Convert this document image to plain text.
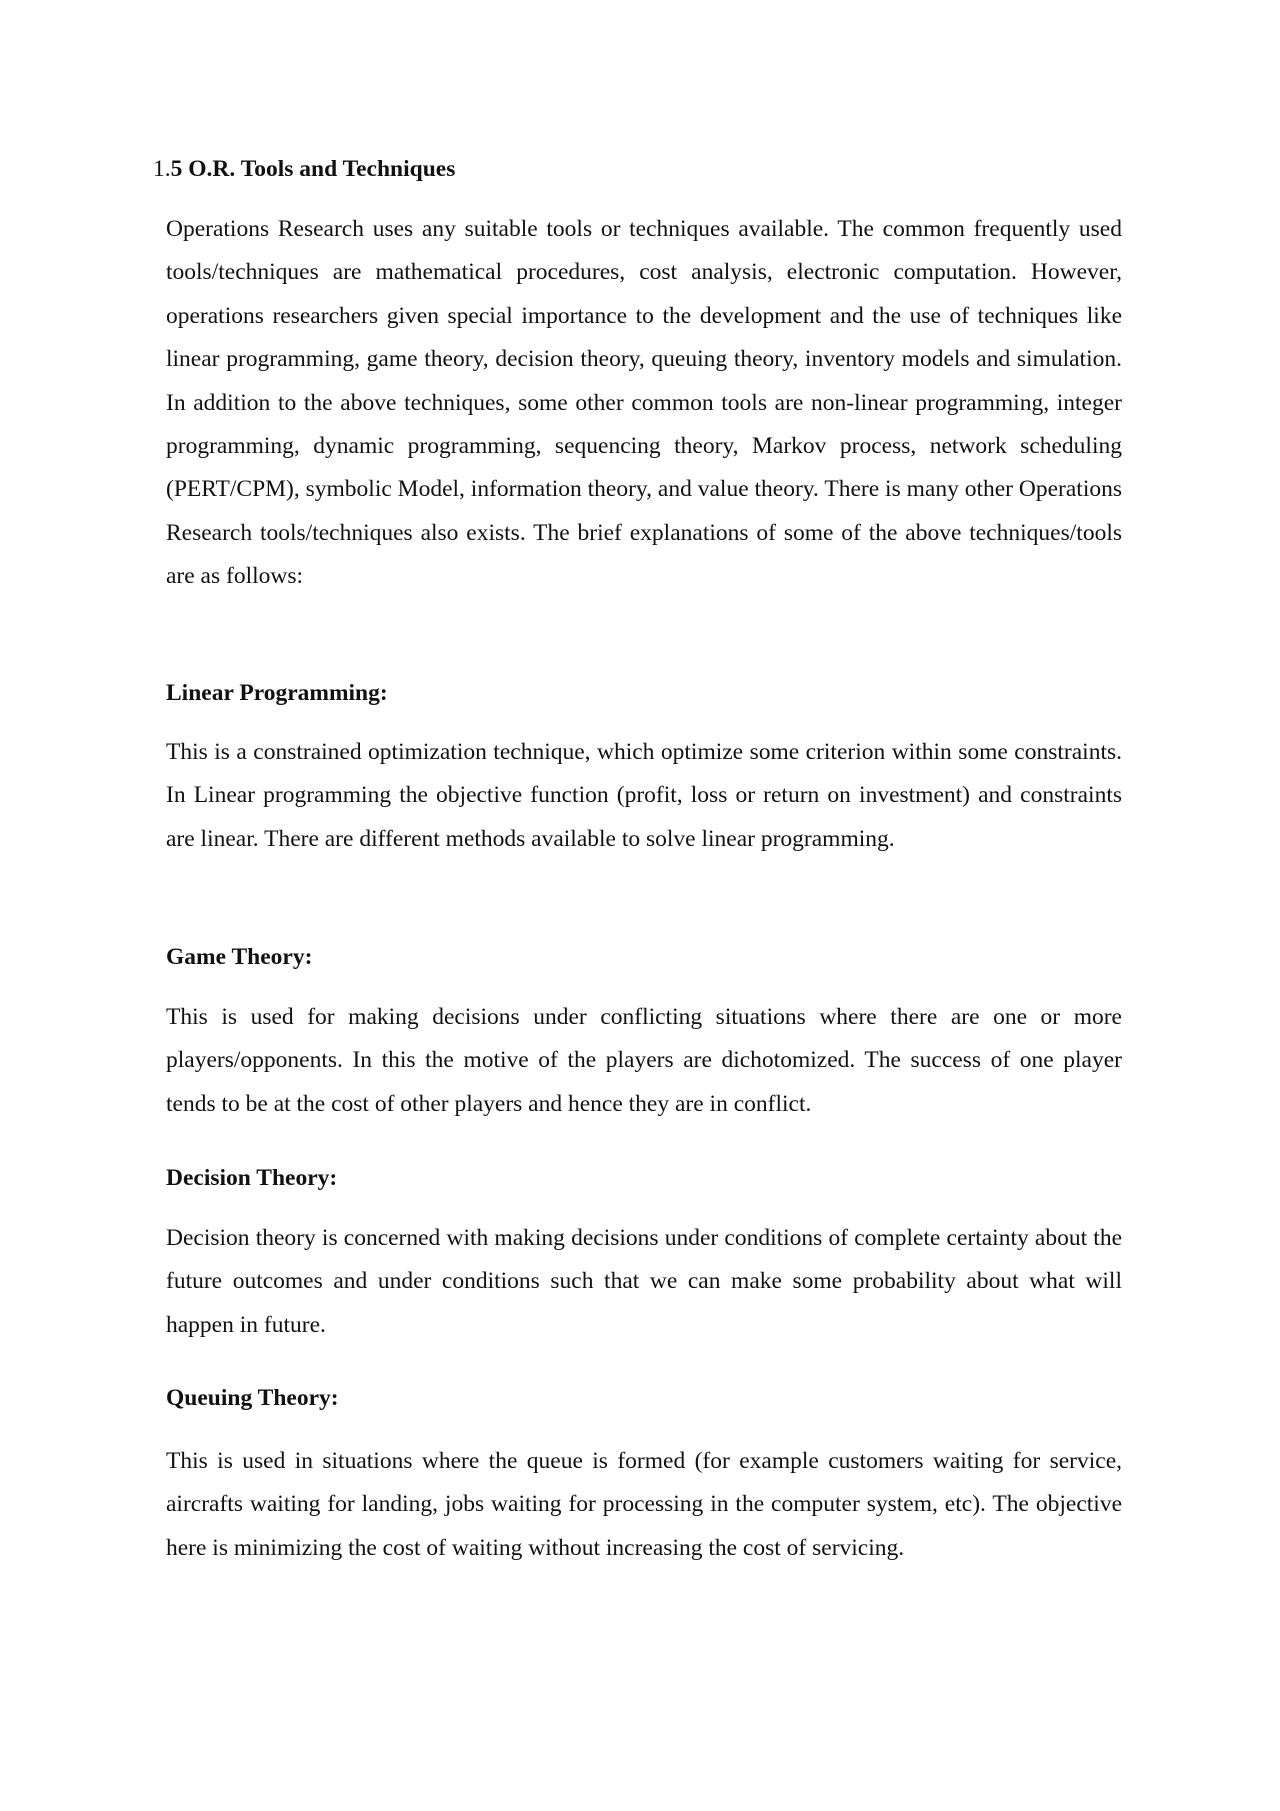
1.5 O.R. Tools and Techniques

Operations Research uses any suitable tools or techniques available. The common frequently used tools/techniques are mathematical procedures, cost analysis, electronic computation. However, operations researchers given special importance to the development and the use of techniques like linear programming, game theory, decision theory, queuing theory, inventory models and simulation. In addition to the above techniques, some other common tools are non-linear programming, integer programming, dynamic programming, sequencing theory, Markov process, network scheduling (PERT/CPM), symbolic Model, information theory, and value theory. There is many other Operations Research tools/techniques also exists. The brief explanations of some of the above techniques/tools are as follows:

Linear Programming:

This is a constrained optimization technique, which optimize some criterion within some constraints. In Linear programming the objective function (profit, loss or return on investment) and constraints are linear. There are different methods available to solve linear programming.

Game Theory:

This is used for making decisions under conflicting situations where there are one or more players/opponents. In this the motive of the players are dichotomized. The success of one player tends to be at the cost of other players and hence they are in conflict.

Decision Theory:

Decision theory is concerned with making decisions under conditions of complete certainty about the future outcomes and under conditions such that we can make some probability about what will happen in future.

Queuing Theory:

This is used in situations where the queue is formed (for example customers waiting for service, aircrafts waiting for landing, jobs waiting for processing in the computer system, etc). The objective here is minimizing the cost of waiting without increasing the cost of servicing.
